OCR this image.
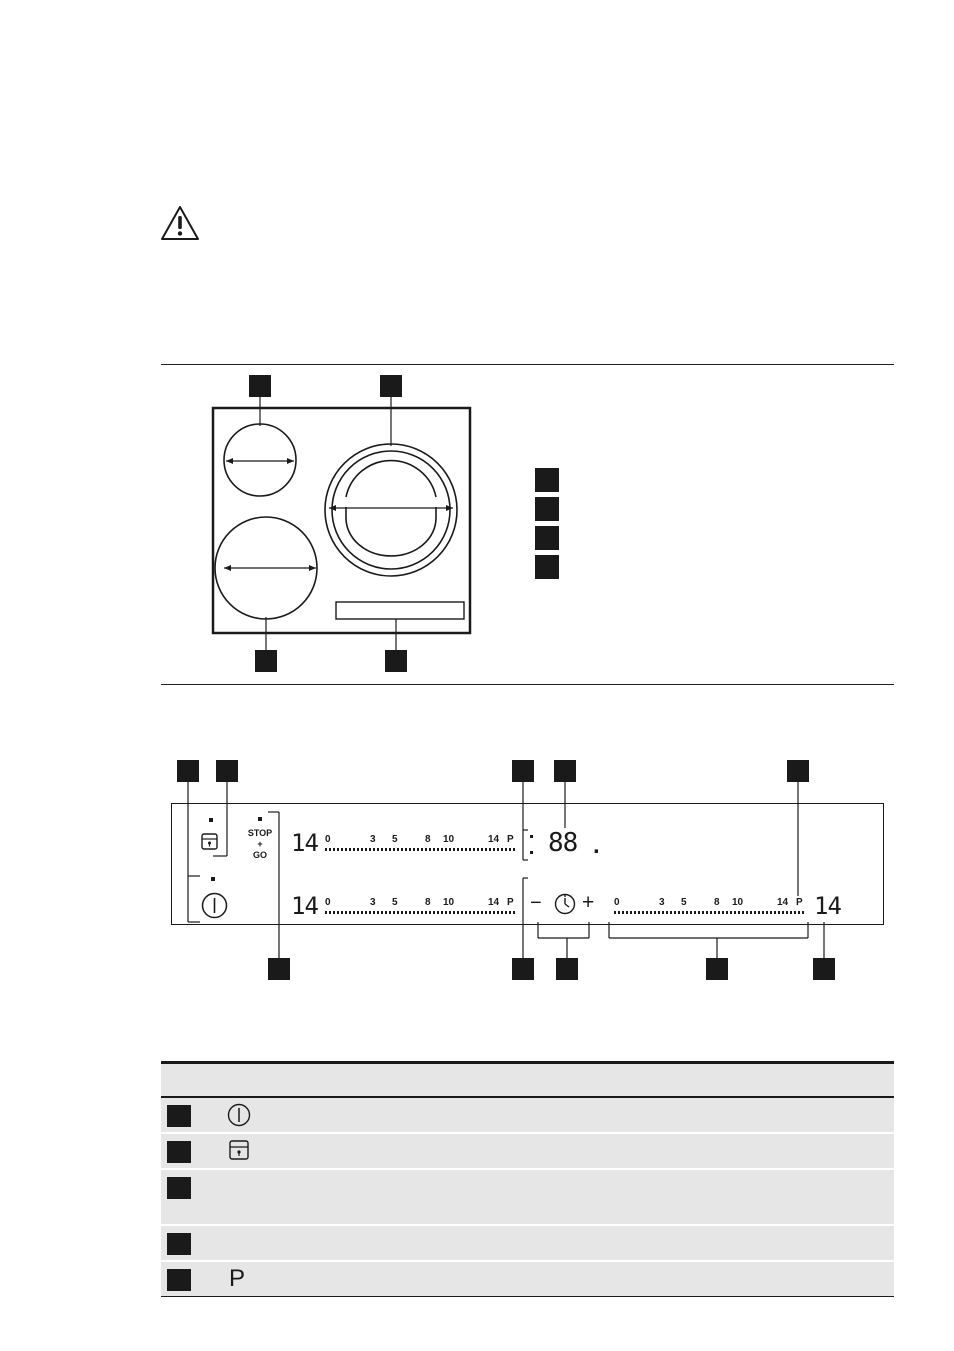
STOP
+
GO	14 0	3 5	8 10	14 P 88 .
14 0	3 5	8 10	14 P − + 0	3 5	8 10	14 P 14

	P
